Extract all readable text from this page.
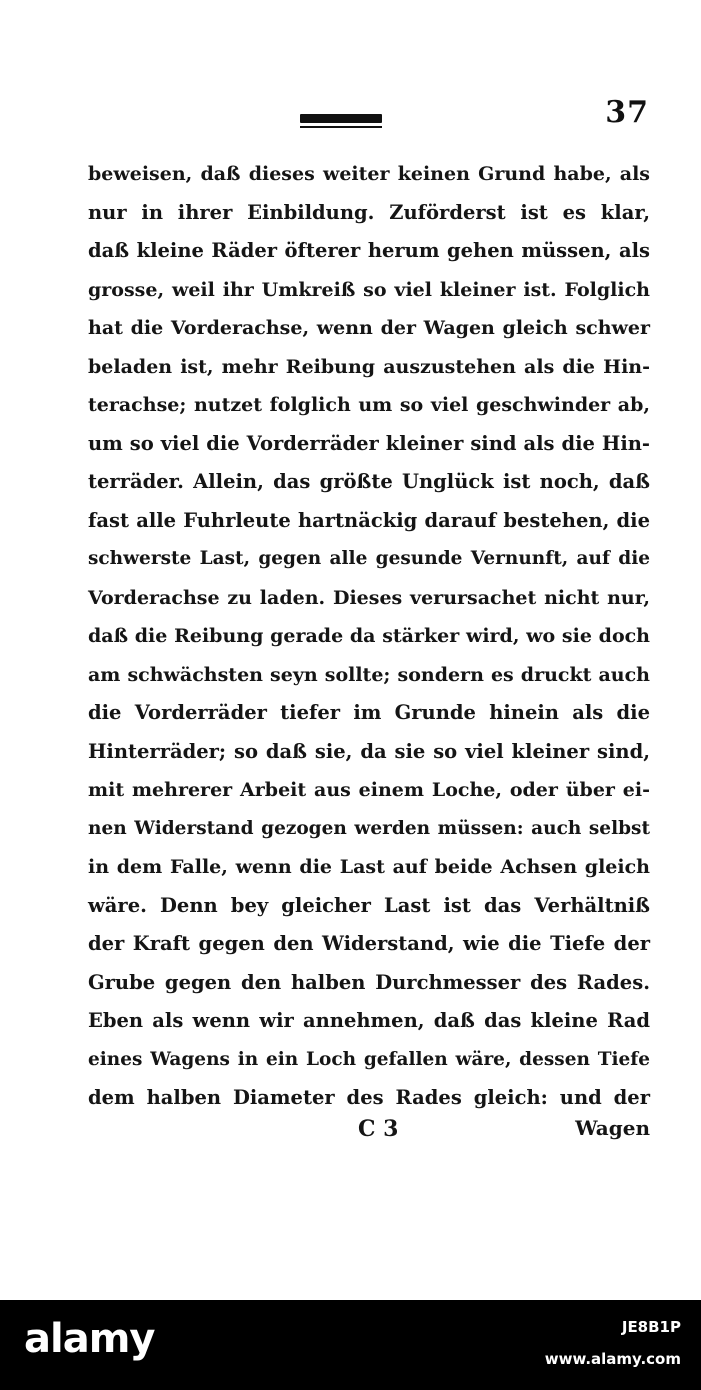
37
beweisen, daß dieses weiter keinen Grund habe, als
nur in ihrer Einbildung. Zuförderst ist es klar,
daß kleine Räder öfterer herum gehen müssen, als
grosse, weil ihr Umkreiß so viel kleiner ist. Folglich
hat die Vorderachse, wenn der Wagen gleich schwer
beladen ist, mehr Reibung auszustehen als die Hin-
terachse; nutzet folglich um so viel geschwinder ab,
um so viel die Vorderräder kleiner sind als die Hin-
terräder. Allein, das größte Unglück ist noch, daß
fast alle Fuhrleute hartnäckig darauf bestehen, die
schwerste Last, gegen alle gesunde Vernunft, auf die
Vorderachse zu laden. Dieses verursachet nicht nur,
daß die Reibung gerade da stärker wird, wo sie doch
am schwächsten seyn sollte; sondern es druckt auch
die Vorderräder tiefer im Grunde hinein als die
Hinterräder; so daß sie, da sie so viel kleiner sind,
mit mehrerer Arbeit aus einem Loche, oder über ei-
nen Widerstand gezogen werden müssen: auch selbst
in dem Falle, wenn die Last auf beide Achsen gleich
wäre. Denn bey gleicher Last ist das Verhältniß
der Kraft gegen den Widerstand, wie die Tiefe der
Grube gegen den halben Durchmesser des Rades.
Eben als wenn wir annehmen, daß das kleine Rad
eines Wagens in ein Loch gefallen wäre, dessen Tiefe
dem halben Diameter des Rades gleich: und der
C 3	Wagen
alamy	JE8B1P
www.alamy.com
